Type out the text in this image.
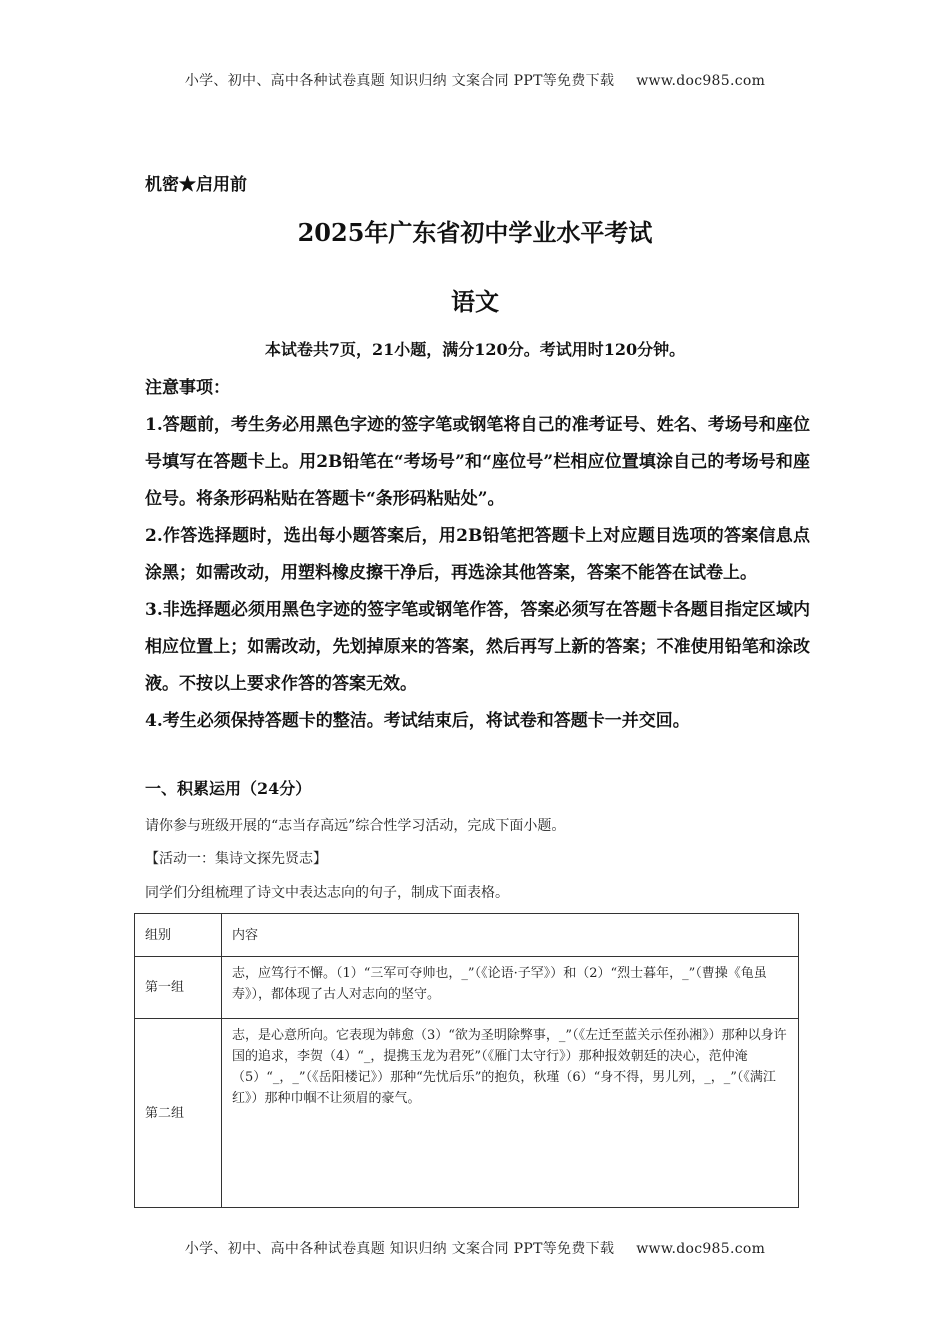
小学、初中、高中各种试卷真题 知识归纳 文案合同 PPT等免费下载 www.doc985.com
机密★启用前
2025年广东省初中学业水平考试
语文
本试卷共7页，21小题，满分120分。考试用时120分钟。

注意事项：

1.答题前，考生务必用黑色字迹的签字笔或钢笔将自己的准考证号、姓名、考场号和座位号填写在答题卡上。用2B铅笔在“考场号”和“座位号”栏相应位置填涂自己的考场号和座位号。将条形码粘贴在答题卡“条形码粘贴处”。

2.作答选择题时，选出每小题答案后，用2B铅笔把答题卡上对应题目选项的答案信息点涂黑；如需改动，用塑料橡皮擦干净后，再选涂其他答案，答案不能答在试卷上。

3.非选择题必须用黑色字迹的签字笔或钢笔作答，答案必须写在答题卡各题目指定区域内相应位置上；如需改动，先划掉原来的答案，然后再写上新的答案；不准使用铅笔和涂改液。不按以上要求作答的答案无效。

4.考生必须保持答题卡的整洁。考试结束后，将试卷和答题卡一并交回。

一、积累运用（24分）
请你参与班级开展的“志当存高远”综合性学习活动，完成下面小题。
【活动一：集诗文探先贤志】
同学们分组梳理了诗文中表达志向的句子，制成下面表格。
组别	内容
第一组	志，应笃行不懈。（1）“三军可夺帅也，_”（《论语·子罕》）和（2）“烈士暮年，_”（曹操《龟虽寿》），都体现了古人对志向的坚守。
第二组	志，是心意所向。它表现为韩愈（3）“欲为圣明除弊事，_”（《左迁至蓝关示侄孙湘》）那种以身许国的追求，李贺（4）“_，提携玉龙为君死”（《雁门太守行》）那种报效朝廷的决心，范仲淹（5）“_，_”（《岳阳楼记》）那种“先忧后乐”的抱负，秋瑾（6）“身不得，男儿列，_，_”（《满江红》）那种巾帼不让须眉的豪气。
小学、初中、高中各种试卷真题 知识归纳 文案合同 PPT等免费下载 www.doc985.com
